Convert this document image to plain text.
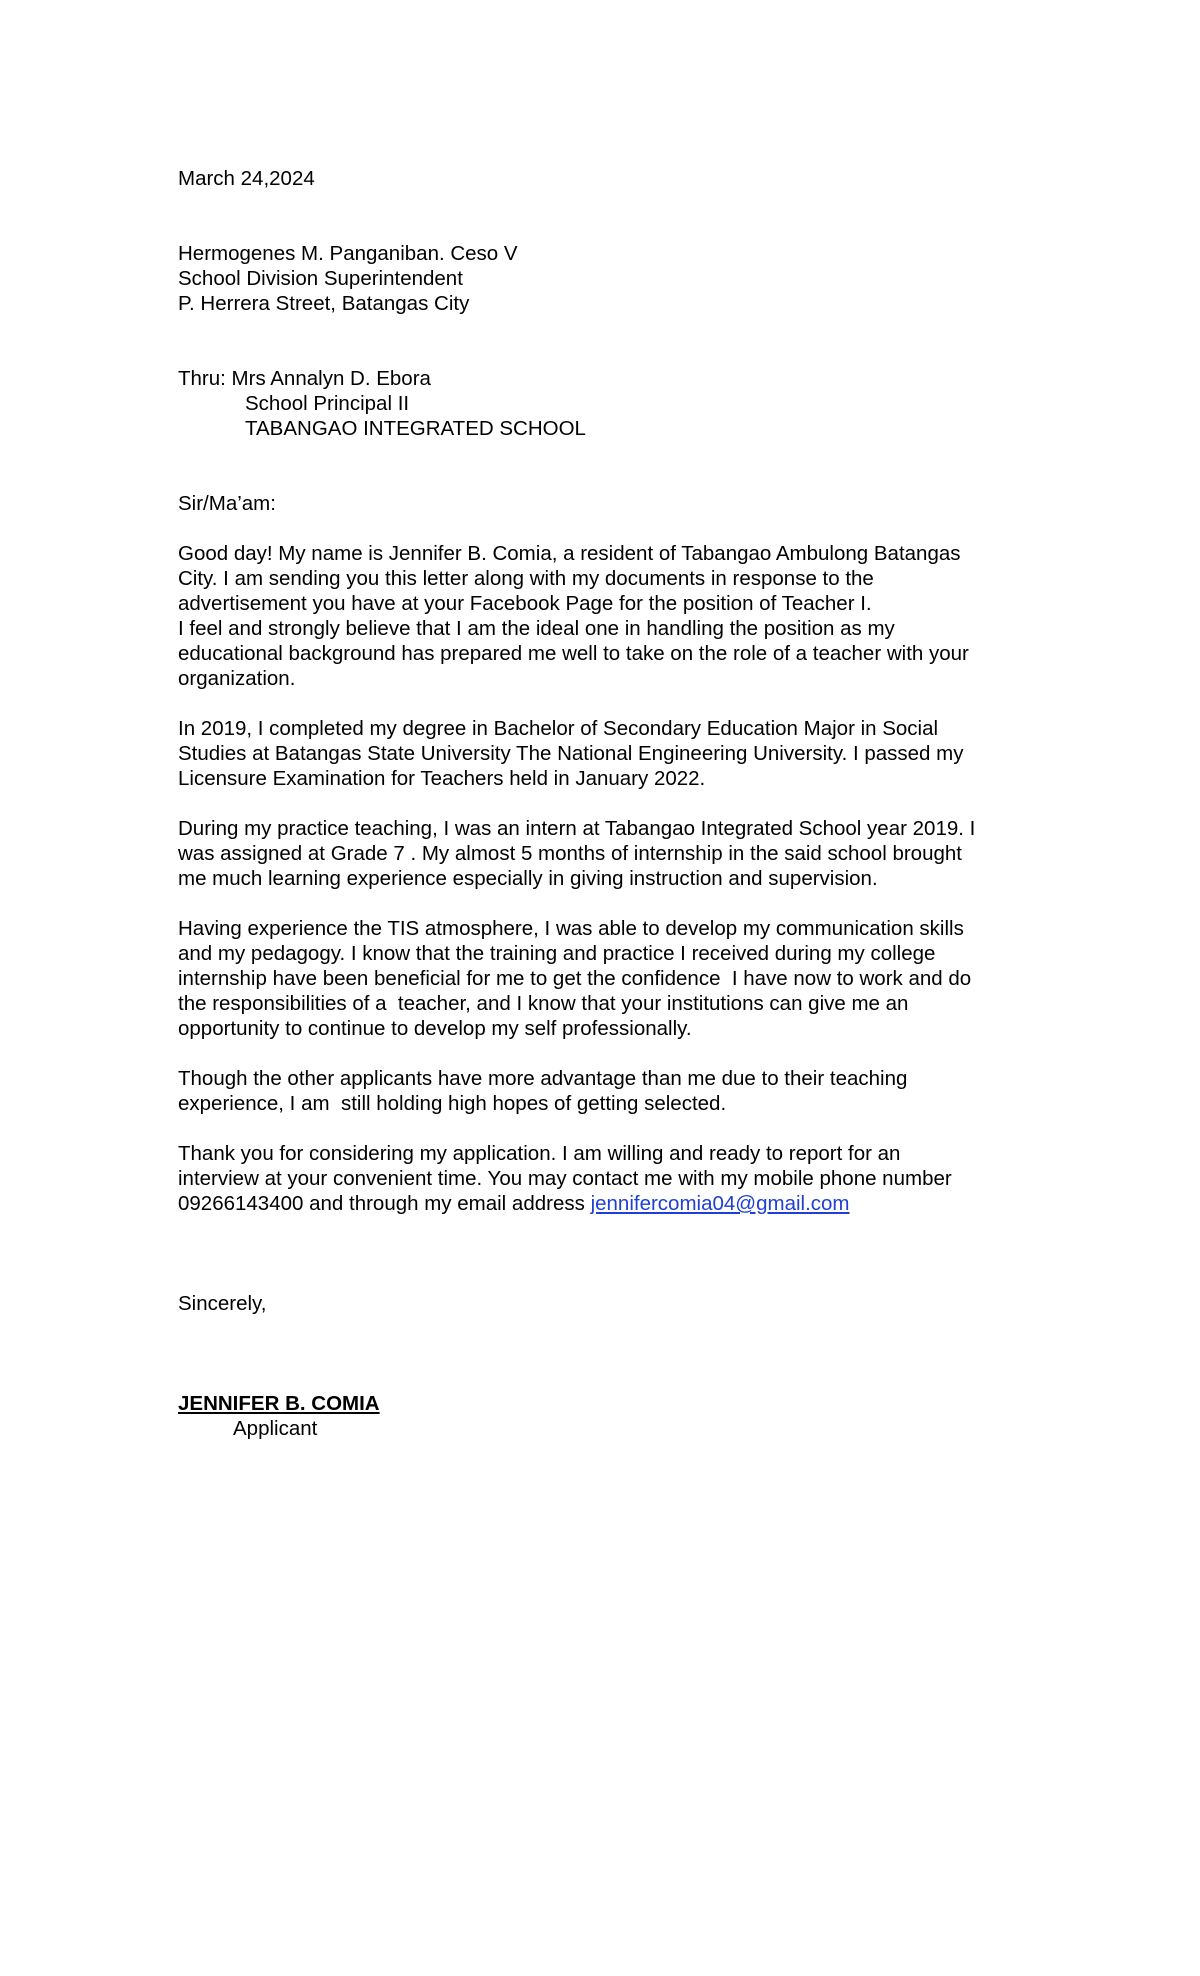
March 24,2024
Hermogenes M. Panganiban. Ceso V
School Division Superintendent
P. Herrera Street, Batangas City
Thru: Mrs Annalyn D. Ebora
School Principal II
TABANGAO INTEGRATED SCHOOL
Sir/Ma’am:
Good day! My name is Jennifer B. Comia, a resident of Tabangao Ambulong Batangas
City. I am sending you this letter along with my documents in response to the
advertisement you have at your Facebook Page for the position of Teacher I.
I feel and strongly believe that I am the ideal one in handling the position as my
educational background has prepared me well to take on the role of a teacher with your
organization.
In 2019, I completed my degree in Bachelor of Secondary Education Major in Social
Studies at Batangas State University The National Engineering University. I passed my
Licensure Examination for Teachers held in January 2022.
During my practice teaching, I was an intern at Tabangao Integrated School year 2019. I
was assigned at Grade 7 . My almost 5 months of internship in the said school brought
me much learning experience especially in giving instruction and supervision.
Having experience the TIS atmosphere, I was able to develop my communication skills
and my pedagogy. I know that the training and practice I received during my college
internship have been beneficial for me to get the confidence  I have now to work and do
the responsibilities of a  teacher, and I know that your institutions can give me an
opportunity to continue to develop my self professionally.
Though the other applicants have more advantage than me due to their teaching
experience, I am  still holding high hopes of getting selected.
Thank you for considering my application. I am willing and ready to report for an
interview at your convenient time. You may contact me with my mobile phone number
09266143400 and through my email address jennifercomia04@gmail.com
Sincerely,
JENNIFER B. COMIA
Applicant
